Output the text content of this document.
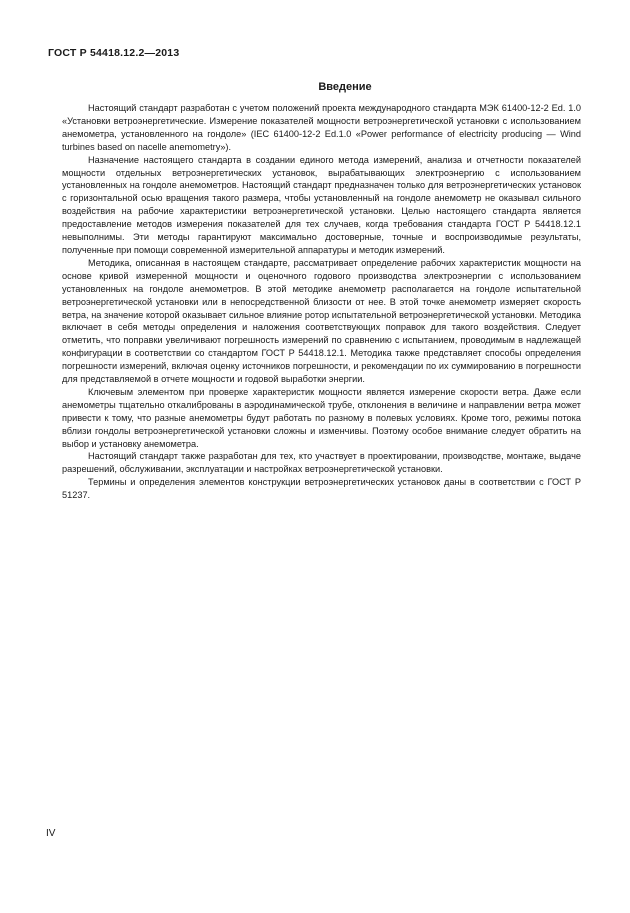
ГОСТ Р 54418.12.2—2013
Введение

Настоящий стандарт разработан с учетом положений проекта международного стандарта МЭК 61400-12-2 Ed. 1.0 «Установки ветроэнергетические. Измерение показателей мощности ветроэнергетической установки с использованием анемометра, установленного на гондоле» (IEC 61400-12-2 Ed.1.0 «Power performance of electricity producing — Wind turbines based on nacelle anemometry»).

Назначение настоящего стандарта в создании единого метода измерений, анализа и отчетности показателей мощности отдельных ветроэнергетических установок, вырабатывающих электроэнергию с использованием установленных на гондоле анемометров. Настоящий стандарт предназначен только для ветроэнергетических установок с горизонтальной осью вращения такого размера, чтобы установленный на гондоле анемометр не оказывал сильного воздействия на рабочие характеристики ветроэнергетической установки. Целью настоящего стандарта является предоставление методов измерения показателей для тех случаев, когда требования стандарта ГОСТ Р 54418.12.1 невыполнимы. Эти методы гарантируют максимально достоверные, точные и воспроизводимые результаты, полученные при помощи современной измерительной аппаратуры и методик измерений.

Методика, описанная в настоящем стандарте, рассматривает определение рабочих характеристик мощности на основе кривой измеренной мощности и оценочного годового производства электроэнергии с использованием установленных на гондоле анемометров. В этой методике анемометр располагается на гондоле испытательной ветроэнергетической установки или в непосредственной близости от нее. В этой точке анемометр измеряет скорость ветра, на значение которой оказывает сильное влияние ротор испытательной ветроэнергетической установки. Методика включает в себя методы определения и наложения соответствующих поправок для такого воздействия. Следует отметить, что поправки увеличивают погрешность измерений по сравнению с испытанием, проводимым в надлежащей конфигурации в соответствии со стандартом ГОСТ Р 54418.12.1. Методика также представляет способы определения погрешности измерений, включая оценку источников погрешности, и рекомендации по их суммированию в погрешности для представляемой в отчете мощности и годовой выработки энергии.

Ключевым элементом при проверке характеристик мощности является измерение скорости ветра. Даже если анемометры тщательно откалиброваны в аэродинамической трубе, отклонения в величине и направлении ветра может привести к тому, что разные анемометры будут работать по разному в полевых условиях. Кроме того, режимы потока вблизи гондолы ветроэнергетической установки сложны и изменчивы. Поэтому особое внимание следует обратить на выбор и установку анемометра.

Настоящий стандарт также разработан для тех, кто участвует в проектировании, производстве, монтаже, выдаче разрешений, обслуживании, эксплуатации и настройках ветроэнергетической установки.

Термины и определения элементов конструкции ветроэнергетических установок даны в соответствии с ГОСТ Р 51237.

IV
